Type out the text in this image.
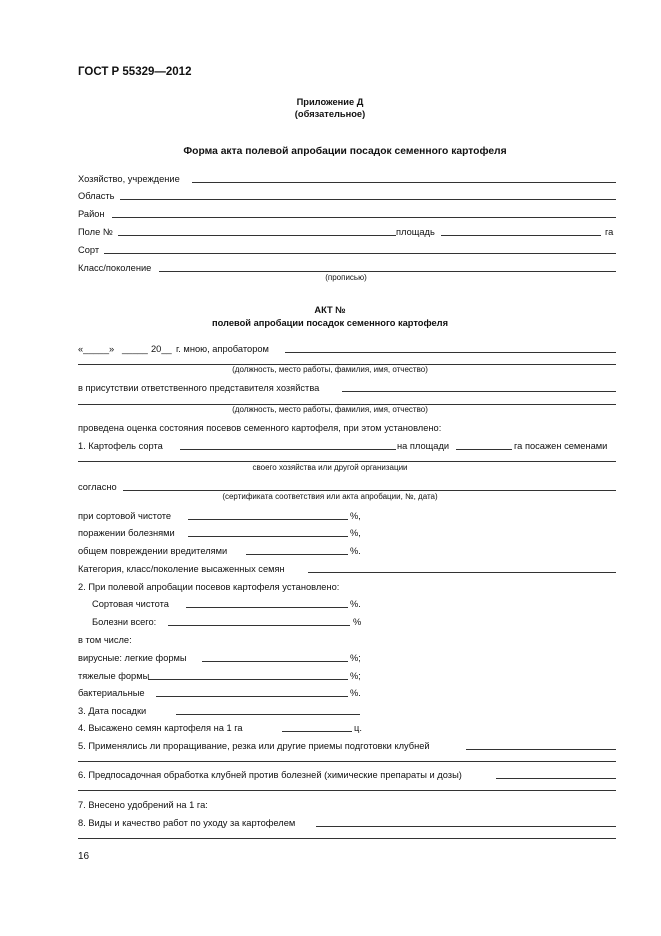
ГОСТ Р 55329—2012
Приложение Д
(обязательное)
Форма акта полевой апробации посадок семенного картофеля
Хозяйство, учреждение
Область
Район
Поле №	площадь	га
Сорт
Класс/поколение
(прописью)
АКТ №
полевой апробации посадок семенного картофеля
«_____» _____ 20__ г. мною, апробатором
(должность, место работы, фамилия, имя, отчество)
в присутствии ответственного представителя хозяйства
(должность, место работы, фамилия, имя, отчество)
проведена оценка состояния посевов семенного картофеля, при этом установлено:
1. Картофель сорта	на площади	га посажен семенами
своего хозяйства или другой организации
согласно
(сертификата соответствия или акта апробации, №, дата)
при сортовой чистоте	%,
поражении болезнями	%,
общем повреждении вредителями	%.
Категория, класс/поколение высаженных семян
2. При полевой апробации посевов картофеля установлено:
Сортовая чистота	%.
Болезни всего:	%
в том числе:
вирусные: легкие формы	%;
тяжелые формы	%;
бактериальные	%.
3. Дата посадки
4. Высажено семян картофеля на 1 га	ц.
5. Применялись ли проращивание, резка или другие приемы подготовки клубней
6. Предпосадочная обработка клубней против болезней (химические препараты и дозы)
7. Внесено удобрений на 1 га:
8. Виды и качество работ по уходу за картофелем
16
